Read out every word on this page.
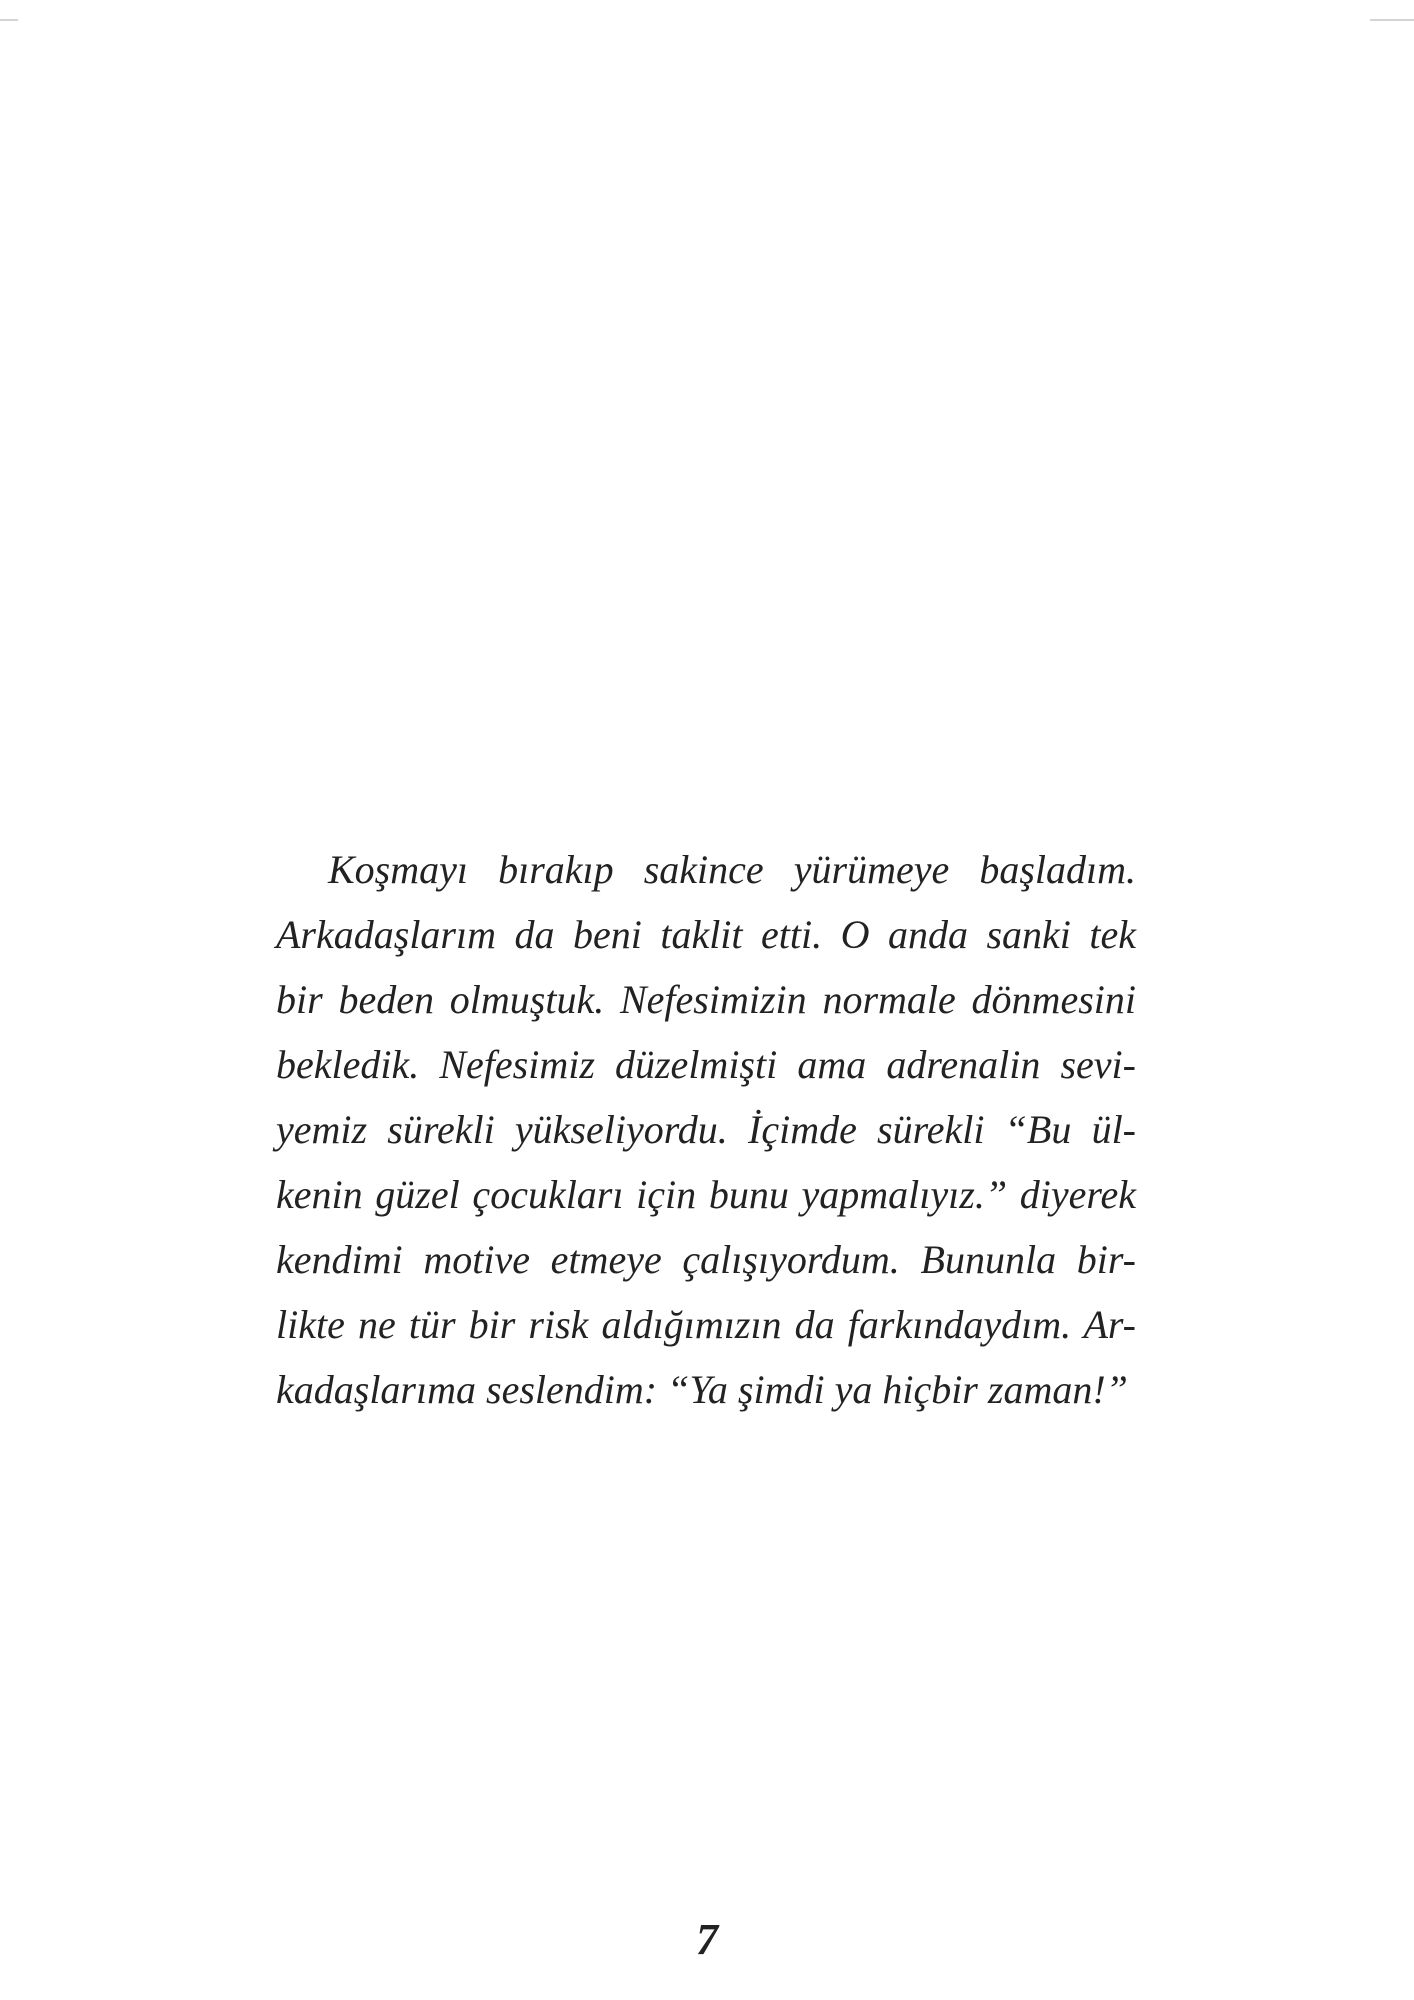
Koşmayı bırakıp sakince yürümeye başladım.
Arkadaşlarım da beni taklit etti. O anda sanki tek
bir beden olmuştuk. Nefesimizin normale dönmesini
bekledik. Nefesimiz düzelmişti ama adrenalin sevi-
yemiz sürekli yükseliyordu. İçimde sürekli “Bu ül-
kenin güzel çocukları için bunu yapmalıyız.” diyerek
kendimi motive etmeye çalışıyordum. Bununla bir-
likte ne tür bir risk aldığımızın da farkındaydım. Ar-
kadaşlarıma seslendim: “Ya şimdi ya hiçbir zaman!”
7
